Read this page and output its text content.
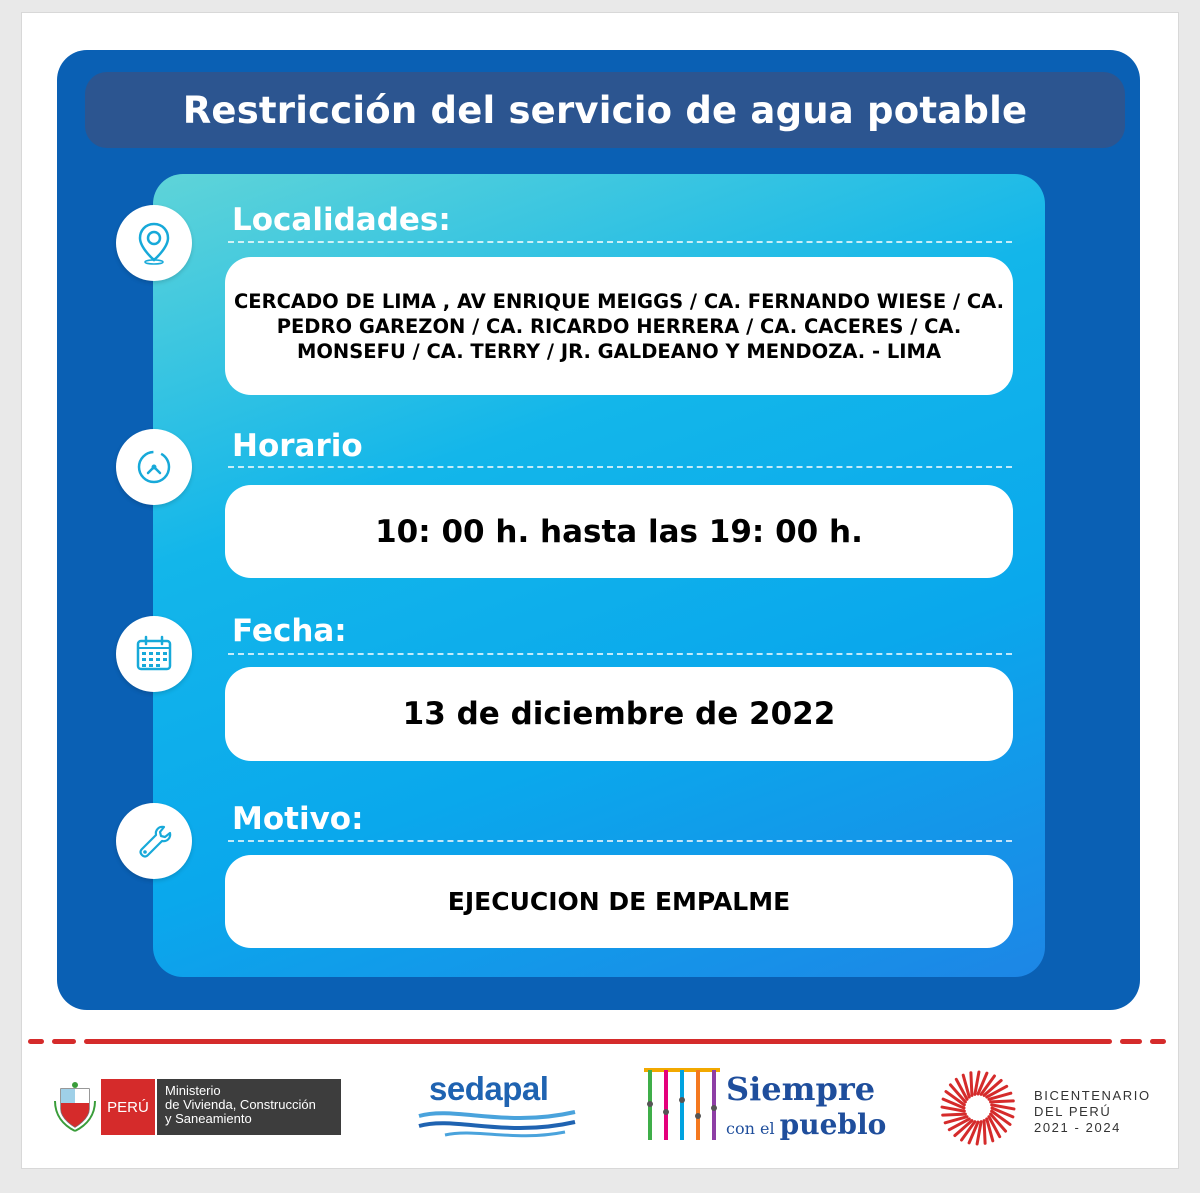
Restricción del servicio de agua potable
Localidades:
CERCADO DE LIMA , AV ENRIQUE MEIGGS / CA. FERNANDO WIESE / CA. PEDRO GAREZON / CA. RICARDO HERRERA / CA. CACERES / CA. MONSEFU / CA. TERRY / JR. GALDEANO Y MENDOZA. - LIMA
Horario
10: 00 h. hasta las 19: 00 h.
Fecha:
13 de diciembre de 2022
Motivo:
EJECUCION DE EMPALME
PERÚ
Ministerio
de Vivienda, Construcción
y Saneamiento
sedapal	Siempre
con el pueblo
BICENTENARIO
DEL PERÚ
2021 - 2024
